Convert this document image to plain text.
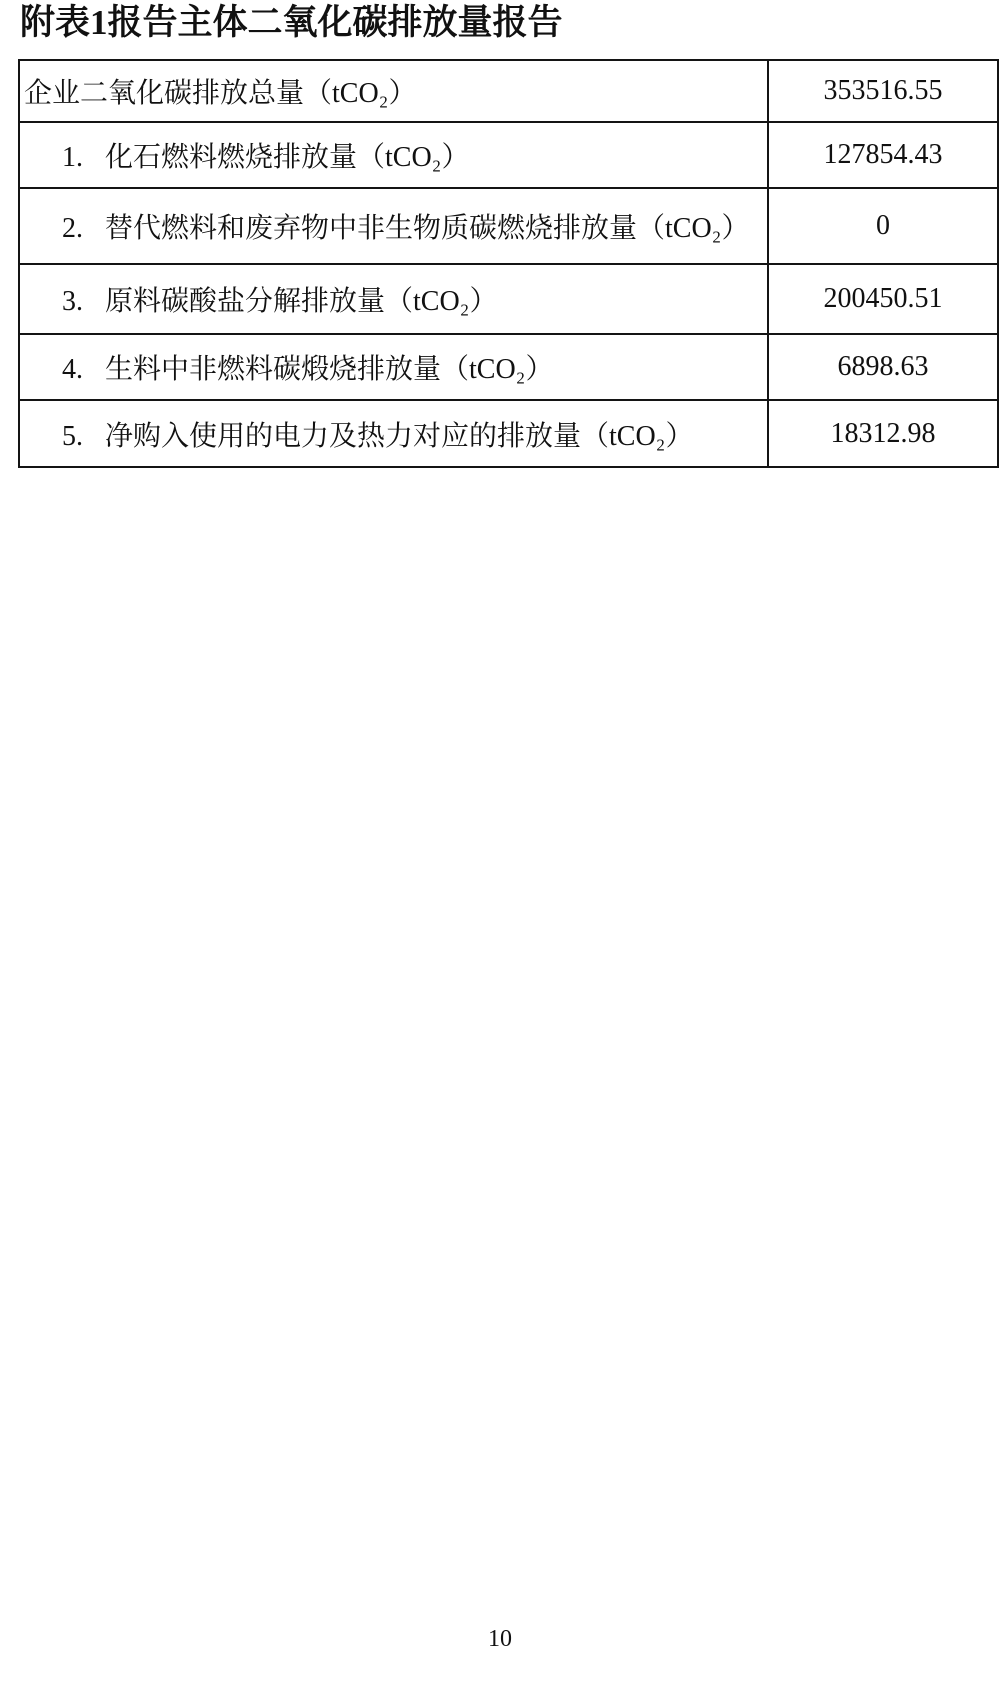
附表1报告主体二氧化碳排放量报告
企业二氧化碳排放总量（tCO₂）	353516.55
1. 化石燃料燃烧排放量（tCO₂）	127854.43
2. 替代燃料和废弃物中非生物质碳燃烧排放量（tCO₂）	0
3. 原料碳酸盐分解排放量（tCO₂）	200450.51
4. 生料中非燃料碳煅烧排放量（tCO₂）	6898.63
5. 净购入使用的电力及热力对应的排放量（tCO₂）	18312.98
10
